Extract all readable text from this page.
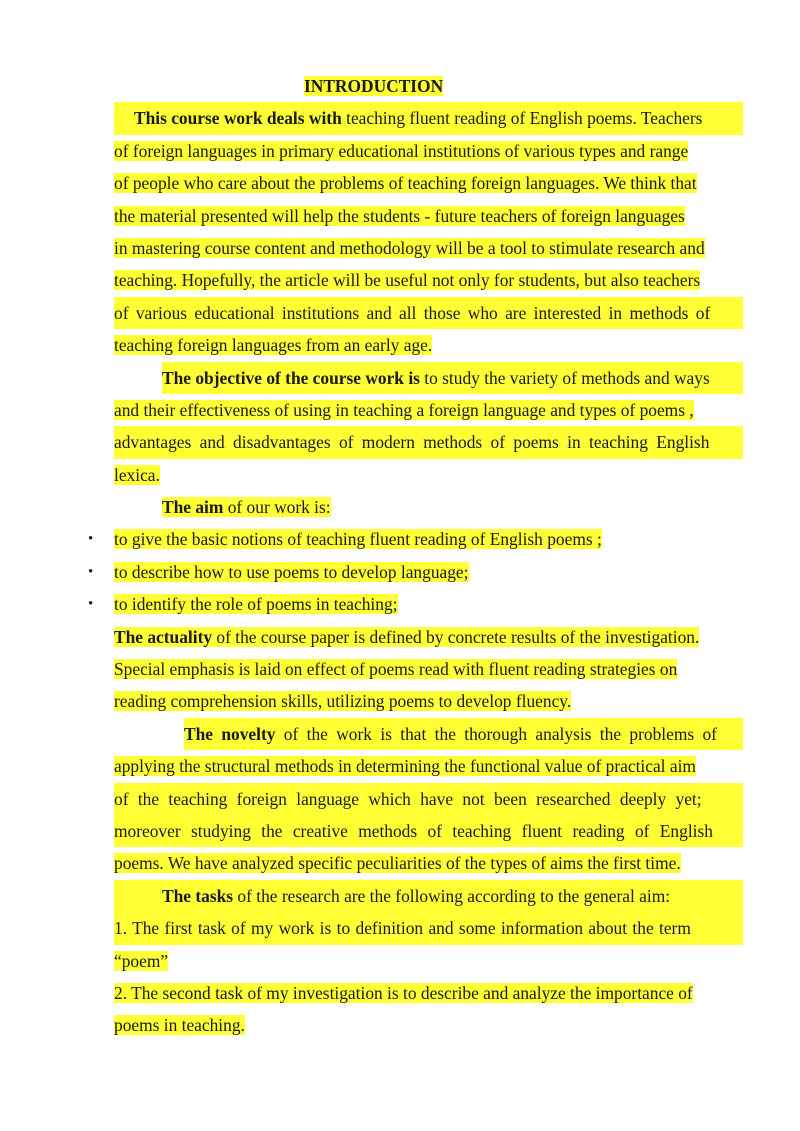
INTRODUCTION
This course work deals with teaching fluent reading of English poems. Teachers
of foreign languages in primary educational institutions of various types and range
of people who care about the problems of teaching foreign languages. We think that
the material presented will help the students - future teachers of foreign languages
in mastering course content and methodology will be a tool to stimulate research and
teaching. Hopefully, the article will be useful not only for students, but also teachers
of various educational institutions and all those who are interested in methods of
teaching foreign languages from an early age.
The objective of the course work is to study the variety of methods and ways
and their effectiveness of using in teaching a foreign language and types of poems ,
advantages and disadvantages of modern methods of poems in teaching English
lexica.
The aim of our work is:
• to give the basic notions of teaching fluent reading of English poems ;
• to describe how to use poems to develop language;
• to identify the role of poems in teaching;
The actuality of the course paper is defined by concrete results of the investigation.
Special emphasis is laid on effect of poems read with fluent reading strategies on
reading comprehension skills, utilizing poems to develop fluency.
The novelty of the work is that the thorough analysis the problems of
applying the structural methods in determining the functional value of practical aim
of the teaching foreign language which have not been researched deeply yet;
moreover studying the creative methods of teaching fluent reading of English
poems. We have analyzed specific peculiarities of the types of aims the first time.
The tasks of the research are the following according to the general aim:
1. The first task of my work is to definition and some information about the term
“poem”
2. The second task of my investigation is to describe and analyze the importance of
poems in teaching.
